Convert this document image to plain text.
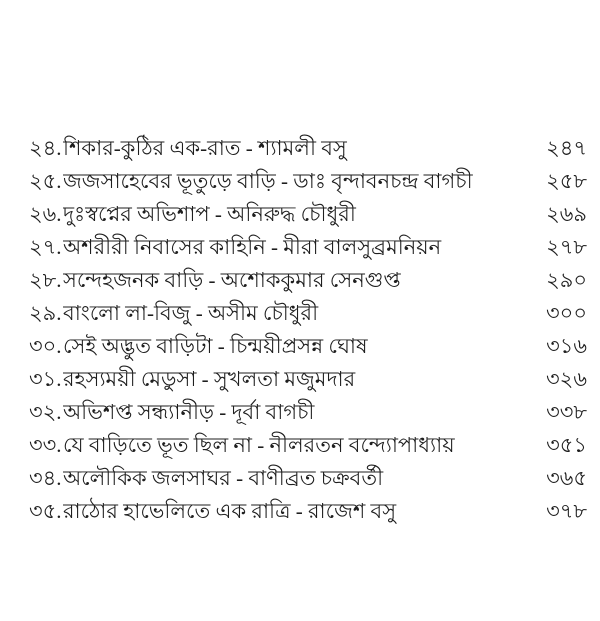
২৪. শিকার-কুঠির এক-রাত - শ্যামলী বসু	২৪৭
২৫. জজসাহেবের ভূতুড়ে বাড়ি - ডাঃ বৃন্দাবনচন্দ্র বাগচী	২৫৮
২৬. দুঃস্বপ্নের অভিশাপ - অনিরুদ্ধ চৌধুরী	২৬৯
২৭. অশরীরী নিবাসের কাহিনি - মীরা বালসুব্রমনিয়ন	২৭৮
২৮. সন্দেহজনক বাড়ি - অশোককুমার সেনগুপ্ত	২৯০
২৯. বাংলো লা-বিজু - অসীম চৌধুরী	৩০০
৩০. সেই অদ্ভুত বাড়িটা - চিন্ময়ীপ্রসন্ন ঘোষ	৩১৬
৩১. রহস্যময়ী মেডুসা - সুখলতা মজুমদার	৩২৬
৩২. অভিশপ্ত সন্ধ্যানীড় - দূর্বা বাগচী	৩৩৮
৩৩. যে বাড়িতে ভূত ছিল না - নীলরতন বন্দ্যোপাধ্যায়	৩৫১
৩৪. অলৌকিক জলসাঘর - বাণীব্রত চক্রবর্তী	৩৬৫
৩৫. রাঠোর হাভেলিতে এক রাত্রি - রাজেশ বসু	৩৭৮
